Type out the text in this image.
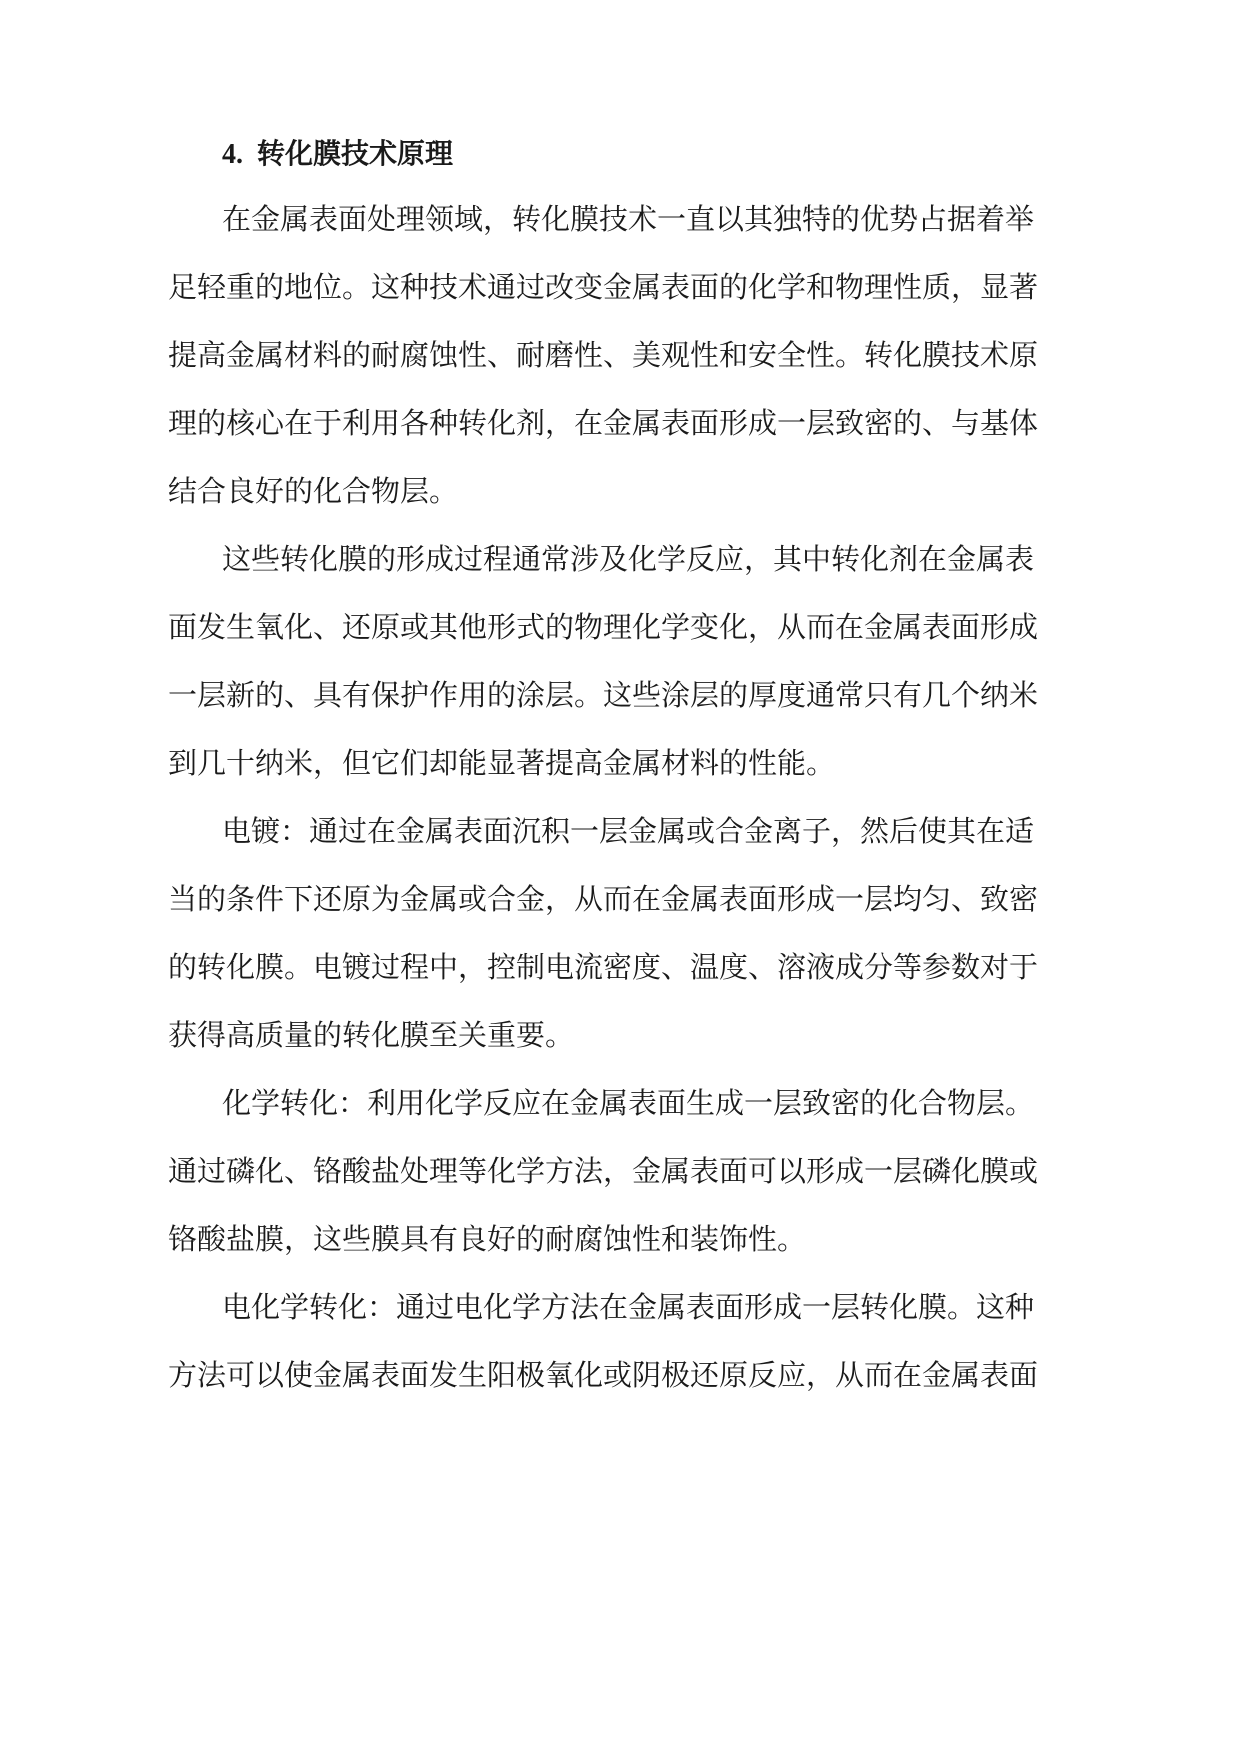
4. 转化膜技术原理
在金属表面处理领域，转化膜技术一直以其独特的优势占据着举
足轻重的地位。这种技术通过改变金属表面的化学和物理性质，显著
提高金属材料的耐腐蚀性、耐磨性、美观性和安全性。转化膜技术原
理的核心在于利用各种转化剂，在金属表面形成一层致密的、与基体
结合良好的化合物层。
这些转化膜的形成过程通常涉及化学反应，其中转化剂在金属表
面发生氧化、还原或其他形式的物理化学变化，从而在金属表面形成
一层新的、具有保护作用的涂层。这些涂层的厚度通常只有几个纳米
到几十纳米，但它们却能显著提高金属材料的性能。
电镀：通过在金属表面沉积一层金属或合金离子，然后使其在适
当的条件下还原为金属或合金，从而在金属表面形成一层均匀、致密
的转化膜。电镀过程中，控制电流密度、温度、溶液成分等参数对于
获得高质量的转化膜至关重要。
化学转化：利用化学反应在金属表面生成一层致密的化合物层。
通过磷化、铬酸盐处理等化学方法，金属表面可以形成一层磷化膜或
铬酸盐膜，这些膜具有良好的耐腐蚀性和装饰性。
电化学转化：通过电化学方法在金属表面形成一层转化膜。这种
方法可以使金属表面发生阳极氧化或阴极还原反应，从而在金属表面
